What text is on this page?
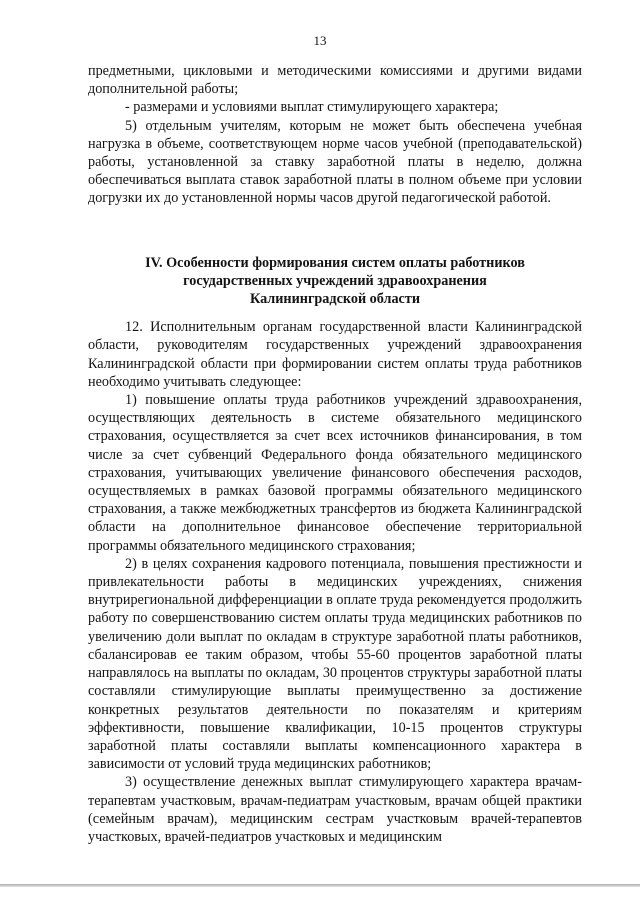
13

предметными, цикловыми и методическими комиссиями и другими видами дополнительной работы;

- размерами и условиями выплат стимулирующего характера;

5) отдельным учителям, которым не может быть обеспечена учебная нагрузка в объеме, соответствующем норме часов учебной (преподавательской) работы, установленной за ставку заработной платы в неделю, должна обеспечиваться выплата ставок заработной платы в полном объеме при условии догрузки их до установленной нормы часов другой педагогической работой.

IV. Особенности формирования систем оплаты работников
государственных учреждений здравоохранения
Калининградской области

12. Исполнительным органам государственной власти Калининградской области, руководителям государственных учреждений здравоохранения Калининградской области при формировании систем оплаты труда работников необходимо учитывать следующее:

1) повышение оплаты труда работников учреждений здравоохранения, осуществляющих деятельность в системе обязательного медицинского страхования, осуществляется за счет всех источников финансирования, в том числе за счет субвенций Федерального фонда обязательного медицинского страхования, учитывающих увеличение финансового обеспечения расходов, осуществляемых в рамках базовой программы обязательного медицинского страхования, а также межбюджетных трансфертов из бюджета Калининградской области на дополнительное финансовое обеспечение территориальной программы обязательного медицинского страхования;

2) в целях сохранения кадрового потенциала, повышения престижности и привлекательности работы в медицинских учреждениях, снижения внутрирегиональной дифференциации в оплате труда рекомендуется продолжить работу по совершенствованию систем оплаты труда медицинских работников по увеличению доли выплат по окладам в структуре заработной платы работников, сбалансировав ее таким образом, чтобы 55-60 процентов заработной платы направлялось на выплаты по окладам, 30 процентов структуры заработной платы составляли стимулирующие выплаты преимущественно за достижение конкретных результатов деятельности по показателям и критериям эффективности, повышение квалификации, 10-15 процентов структуры заработной платы составляли выплаты компенсационного характера в зависимости от условий труда медицинских работников;

3) осуществление денежных выплат стимулирующего характера врачам-терапевтам участковым, врачам-педиатрам участковым, врачам общей практики (семейным врачам), медицинским сестрам участковым врачей-терапевтов участковых, врачей-педиатров участковых и медицинским
